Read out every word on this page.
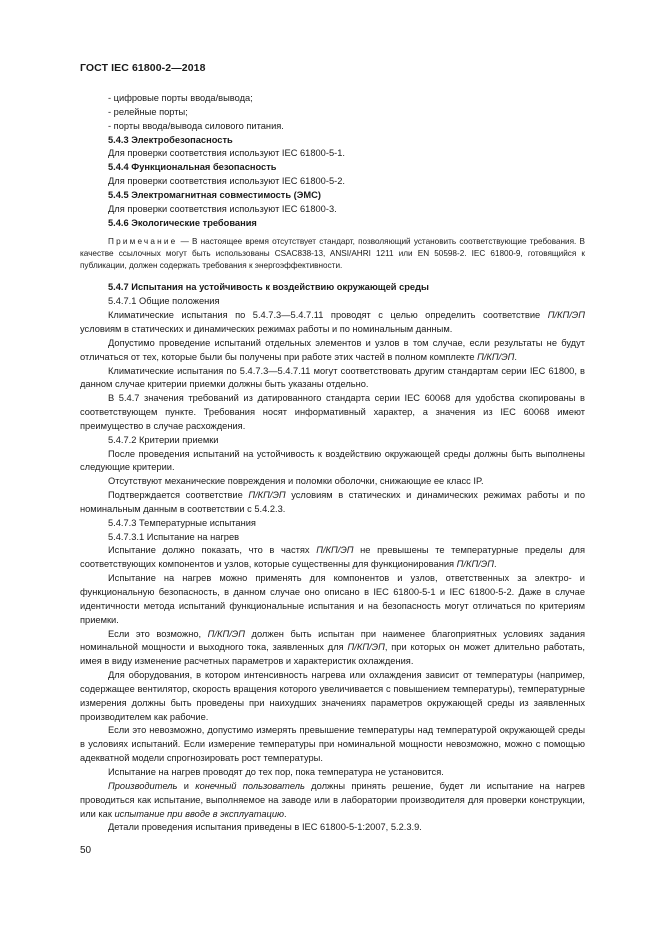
ГОСТ IEC 61800-2—2018

- цифровые порты ввода/вывода;

- релейные порты;

- порты ввода/вывода силового питания.

5.4.3 Электробезопасность

Для проверки соответствия используют IEC 61800-5-1.

5.4.4 Функциональная безопасность

Для проверки соответствия используют IEC 61800-5-2.

5.4.5 Электромагнитная совместимость (ЭМС)

Для проверки соответствия используют IEC 61800-3.

5.4.6 Экологические требования

Примечание — В настоящее время отсутствует стандарт, позволяющий установить соответствующие требования. В качестве ссылочных могут быть использованы CSAC838-13, ANSI/AHRI 1211 или EN 50598-2. IEC 61800-9, готовящийся к публикации, должен содержать требования к энергоэффективности.

5.4.7 Испытания на устойчивость к воздействию окружающей среды

5.4.7.1 Общие положения

Климатические испытания по 5.4.7.3—5.4.7.11 проводят с целью определить соответствие П/КП/ЭП условиям в статических и динамических режимах работы и по номинальным данным.

Допустимо проведение испытаний отдельных элементов и узлов в том случае, если результаты не будут отличаться от тех, которые были бы получены при работе этих частей в полном комплекте П/КП/ЭП.

Климатические испытания по 5.4.7.3—5.4.7.11 могут соответствовать другим стандартам серии IEC 61800, в данном случае критерии приемки должны быть указаны отдельно.

В 5.4.7 значения требований из датированного стандарта серии IEC 60068 для удобства скопированы в соответствующем пункте. Требования носят информативный характер, а значения из IEC 60068 имеют преимущество в случае расхождения.

5.4.7.2 Критерии приемки

После проведения испытаний на устойчивость к воздействию окружающей среды должны быть выполнены следующие критерии.

Отсутствуют механические повреждения и поломки оболочки, снижающие ее класс IP.

Подтверждается соответствие П/КП/ЭП условиям в статических и динамических режимах работы и по номинальным данным в соответствии с 5.4.2.3.

5.4.7.3 Температурные испытания

5.4.7.3.1 Испытание на нагрев

Испытание должно показать, что в частях П/КП/ЭП не превышены те температурные пределы для соответствующих компонентов и узлов, которые существенны для функционирования П/КП/ЭП.

Испытание на нагрев можно применять для компонентов и узлов, ответственных за электро- и функциональную безопасность, в данном случае оно описано в IEC 61800-5-1 и IEC 61800-5-2. Даже в случае идентичности метода испытаний функциональные испытания и на безопасность могут отличаться по критериям приемки.

Если это возможно, П/КП/ЭП должен быть испытан при наименее благоприятных условиях задания номинальной мощности и выходного тока, заявленных для П/КП/ЭП, при которых он может длительно работать, имея в виду изменение расчетных параметров и характеристик охлаждения.

Для оборудования, в котором интенсивность нагрева или охлаждения зависит от температуры (например, содержащее вентилятор, скорость вращения которого увеличивается с повышением температуры), температурные измерения должны быть проведены при наихудших значениях параметров окружающей среды из заявленных производителем как рабочие.

Если это невозможно, допустимо измерять превышение температуры над температурой окружающей среды в условиях испытаний. Если измерение температуры при номинальной мощности невозможно, можно с помощью адекватной модели спрогнозировать рост температуры.

Испытание на нагрев проводят до тех пор, пока температура не установится.

Производитель и конечный пользователь должны принять решение, будет ли испытание на нагрев проводиться как испытание, выполняемое на заводе или в лаборатории производителя для проверки конструкции, или как испытание при вводе в эксплуатацию.

Детали проведения испытания приведены в IEC 61800-5-1:2007, 5.2.3.9.

50
